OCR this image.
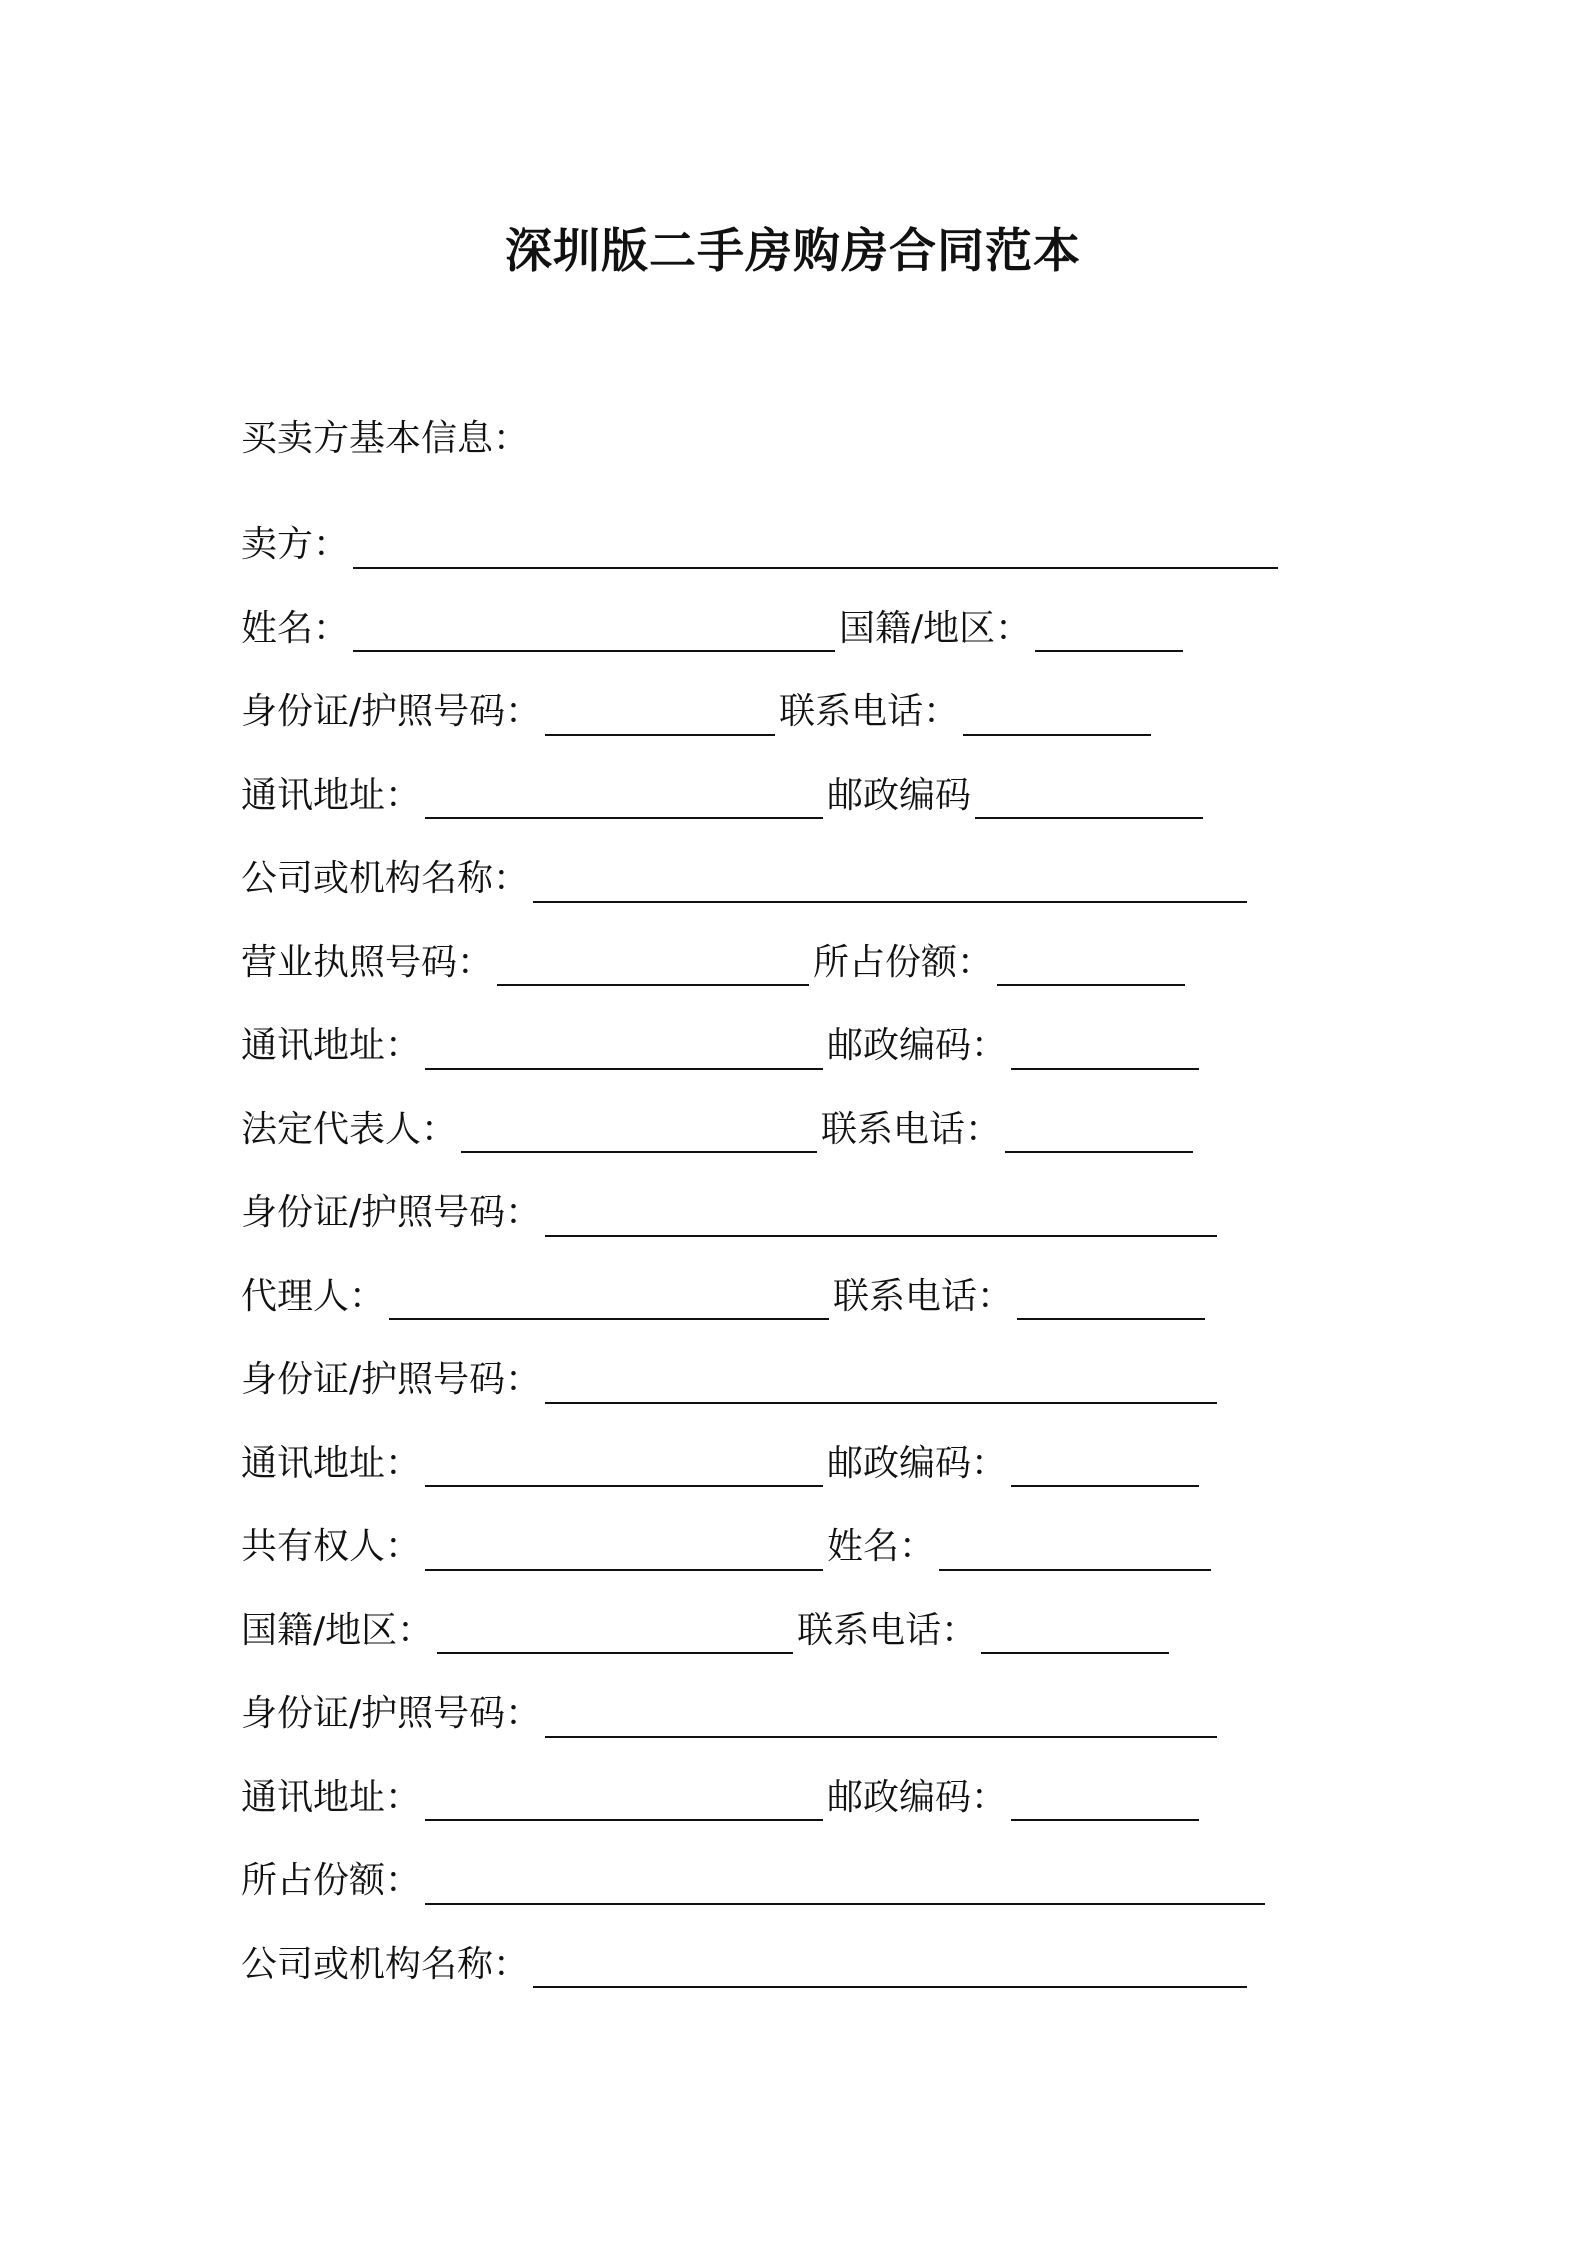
深圳版二手房购房合同范本
买卖方基本信息：
卖方：
姓名：	国籍/地区：
身份证/护照号码：	联系电话：
通讯地址：	邮政编码
公司或机构名称：
营业执照号码：	所占份额：
通讯地址：	邮政编码：
法定代表人：	联系电话：
身份证/护照号码：
代理人：	联系电话：
身份证/护照号码：
通讯地址：	邮政编码：
共有权人：	姓名：
国籍/地区：	联系电话：
身份证/护照号码：
通讯地址：	邮政编码：
所占份额：
公司或机构名称：
